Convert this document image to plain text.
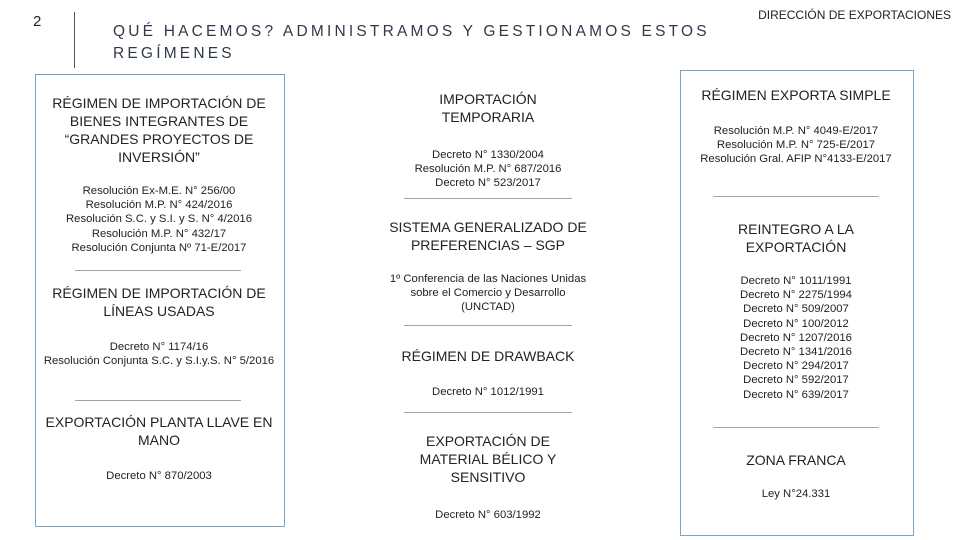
2
QUÉ HACEMOS? ADMINISTRAMOS Y GESTIONAMOS ESTOS REGÍMENES
DIRECCIÓN DE EXPORTACIONES

RÉGIMEN DE IMPORTACIÓN DE BIENES INTEGRANTES DE “GRANDES PROYECTOS DE INVERSIÓN”

Resolución Ex-M.E. N° 256/00

Resolución M.P. N° 424/2016

Resolución S.C. y S.I. y S. N° 4/2016

Resolución M.P. N° 432/17

Resolución Conjunta Nº 71-E/2017

RÉGIMEN DE IMPORTACIÓN DE LÍNEAS USADAS

Decreto N° 1174/16

Resolución Conjunta S.C. y S.I.y.S. N° 5/2016

EXPORTACIÓN PLANTA LLAVE EN MANO

Decreto N° 870/2003

IMPORTACIÓN TEMPORARIA

Decreto N° 1330/2004

Resolución M.P. N° 687/2016

Decreto N° 523/2017

SISTEMA GENERALIZADO DE PREFERENCIAS – SGP

1º Conferencia de las Naciones Unidas

sobre el Comercio y Desarrollo

(UNCTAD)

RÉGIMEN DE DRAWBACK

Decreto N° 1012/1991

EXPORTACIÓN DE MATERIAL BÉLICO Y SENSITIVO

Decreto N° 603/1992

RÉGIMEN EXPORTA SIMPLE

Resolución M.P. N° 4049-E/2017

Resolución M.P. N° 725-E/2017

Resolución Gral. AFIP N°4133-E/2017

REINTEGRO A LA EXPORTACIÓN

Decreto N° 1011/1991

Decreto N° 2275/1994

Decreto N° 509/2007

Decreto N° 100/2012

Decreto N° 1207/2016

Decreto N° 1341/2016

Decreto N° 294/2017

Decreto N° 592/2017

Decreto N° 639/2017

ZONA FRANCA

Ley N°24.331
